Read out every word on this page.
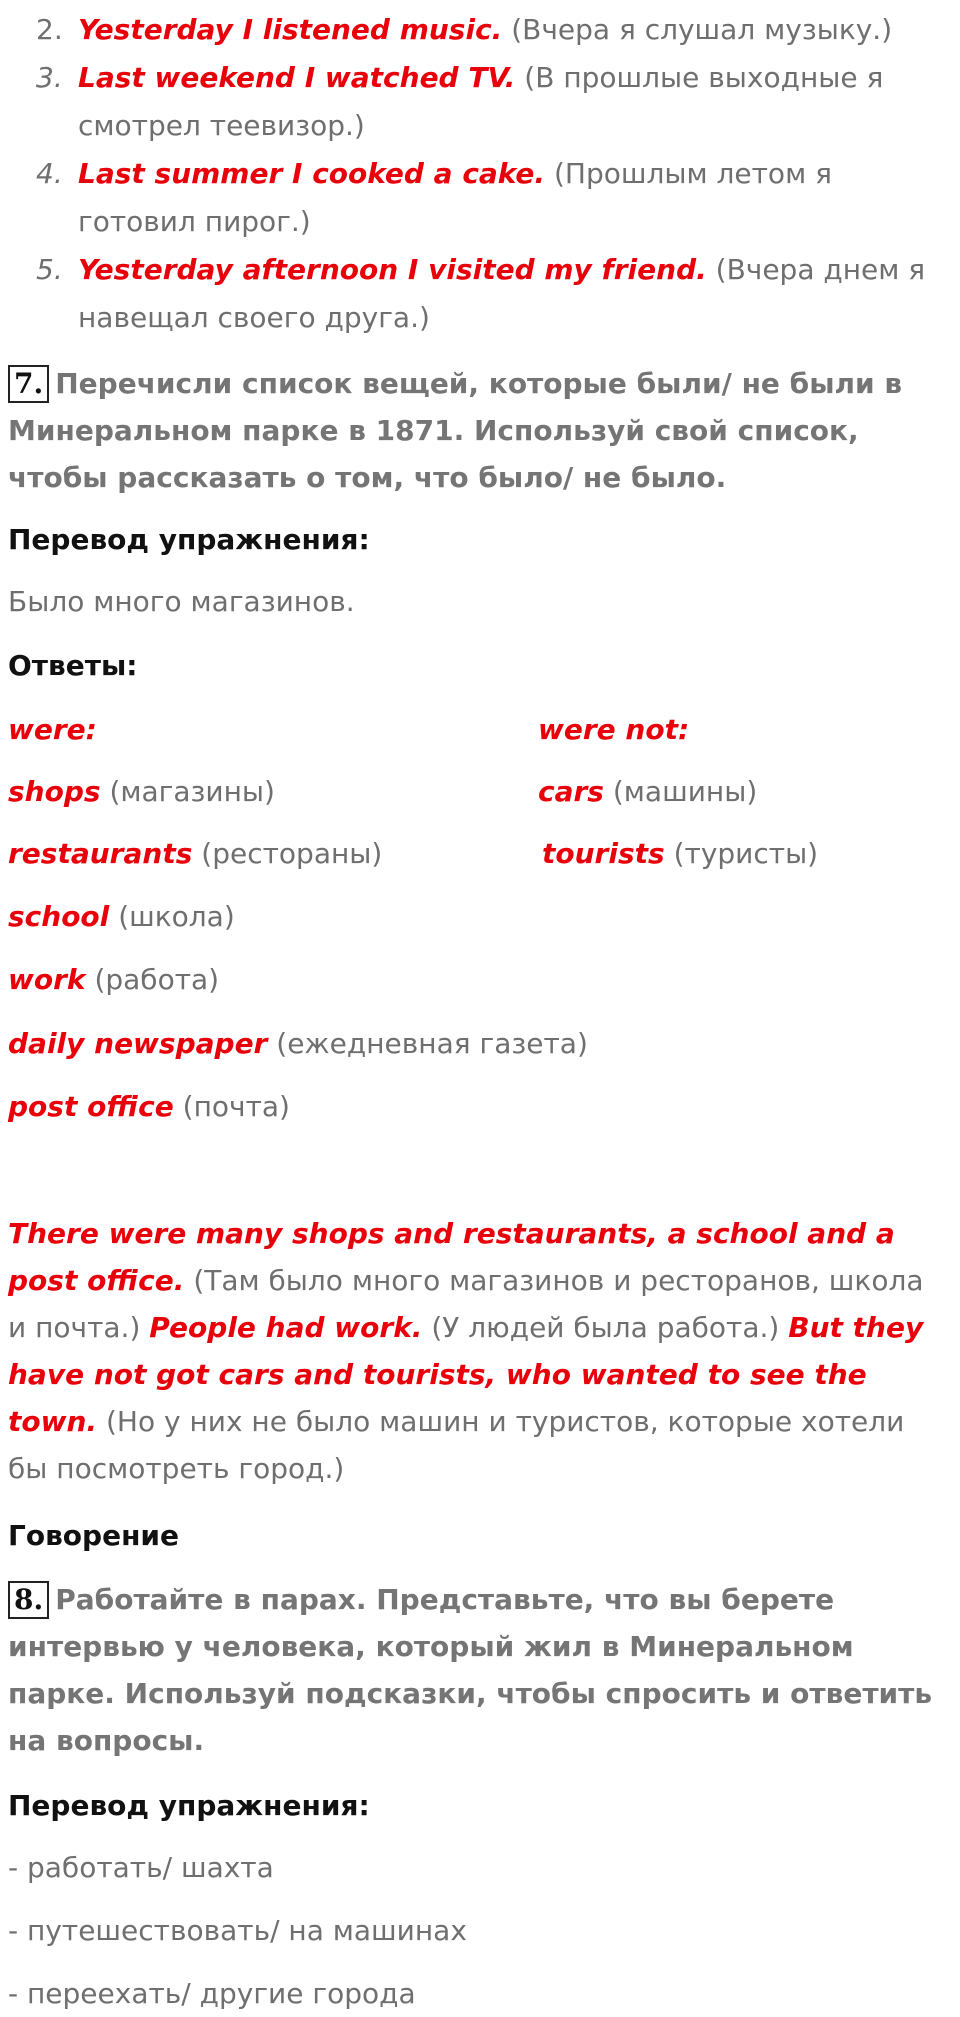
2. Yesterday I listened music. (Вчера я слушал музыку.)
3. Last weekend I watched TV. (В прошлые выходные я смотрел теевизор.)
4. Last summer I cooked a cake. (Прошлым летом я готовил пирог.)
5. Yesterday afternoon I visited my friend. (Вчера днем я навещал своего друга.)
7. Перечисли список вещей, которые были/ не были в Минеральном парке в 1871. Используй свой список, чтобы рассказать о том, что было/ не было.
Перевод упражнения:
Было много магазинов.
Ответы:
were:	were not:
shops (магазины)	cars (машины)
restaurants (рестораны)	tourists (туристы)
school (школа)
work (работа)
daily newspaper (ежедневная газета)
post office (почта)
There were many shops and restaurants, a school and a post office. (Там было много магазинов и ресторанов, школа и почта.) People had work. (У людей была работа.) But they have not got cars and tourists, who wanted to see the town. (Но у них не было машин и туристов, которые хотели бы посмотреть город.)
Говорение
8. Работайте в парах. Представьте, что вы берете интервью у человека, который жил в Минеральном парке. Используй подсказки, чтобы спросить и ответить на вопросы.
Перевод упражнения:
- работать/ шахта
- путешествовать/ на машинах
- переехать/ другие города
